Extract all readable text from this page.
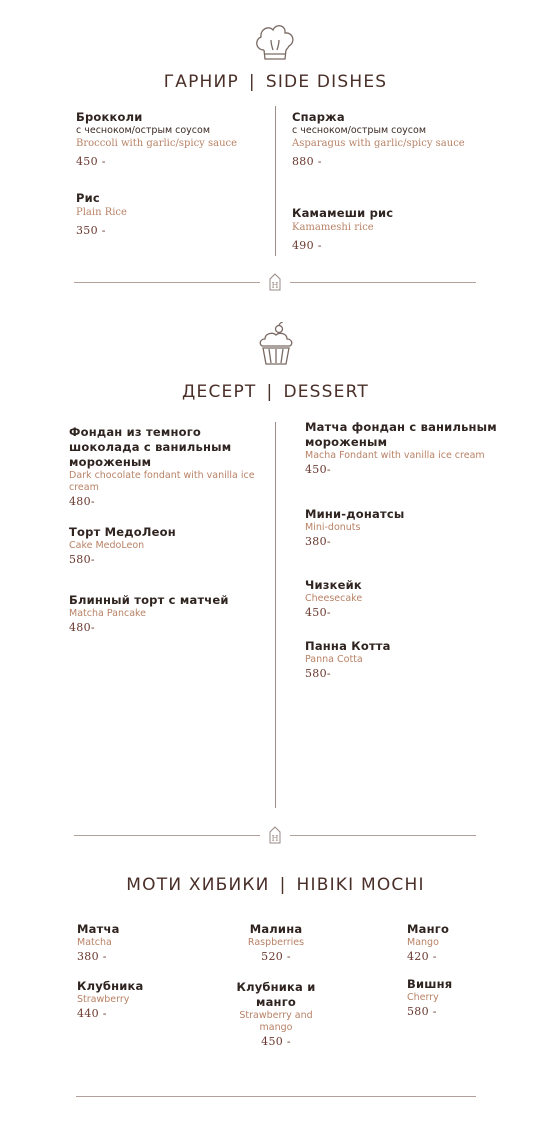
ГАРНИР | SIDE DISHES
Брокколи
с чесноком/острым соусом
Broccoli with garlic/spicy sauce
450 -
Рис
Plain Rice
350 -
Спаржа
с чесноком/острым соусом
Asparagus with garlic/spicy sauce
880 -
Камамеши рис
Kamameshi rice
490 -
H
ДЕСЕРТ | DESSERT
Фондан из темного шоколада с ванильным мороженым
Dark chocolate fondant with vanilla ice cream
480-
Торт МедоЛеон
Cake MedoLeon
580-
Блинный торт с матчей
Matcha Pancake
480-
Матча фондан с ванильным мороженым
Macha Fondant with vanilla ice cream
450-
Мини-донатсы
Mini-donuts
380-
Чизкейк
Cheesecake
450-
Панна Котта
Panna Cotta
580-
H
МОТИ ХИБИКИ | HIBIKI MOCHI
Матча
Matcha
380 -
Клубника
Strawberry
440 -
Малина
Raspberries
520 -
Клубника и манго
Strawberry and mango
450 -
Манго
Mango
420 -
Вишня
Cherry
580 -
